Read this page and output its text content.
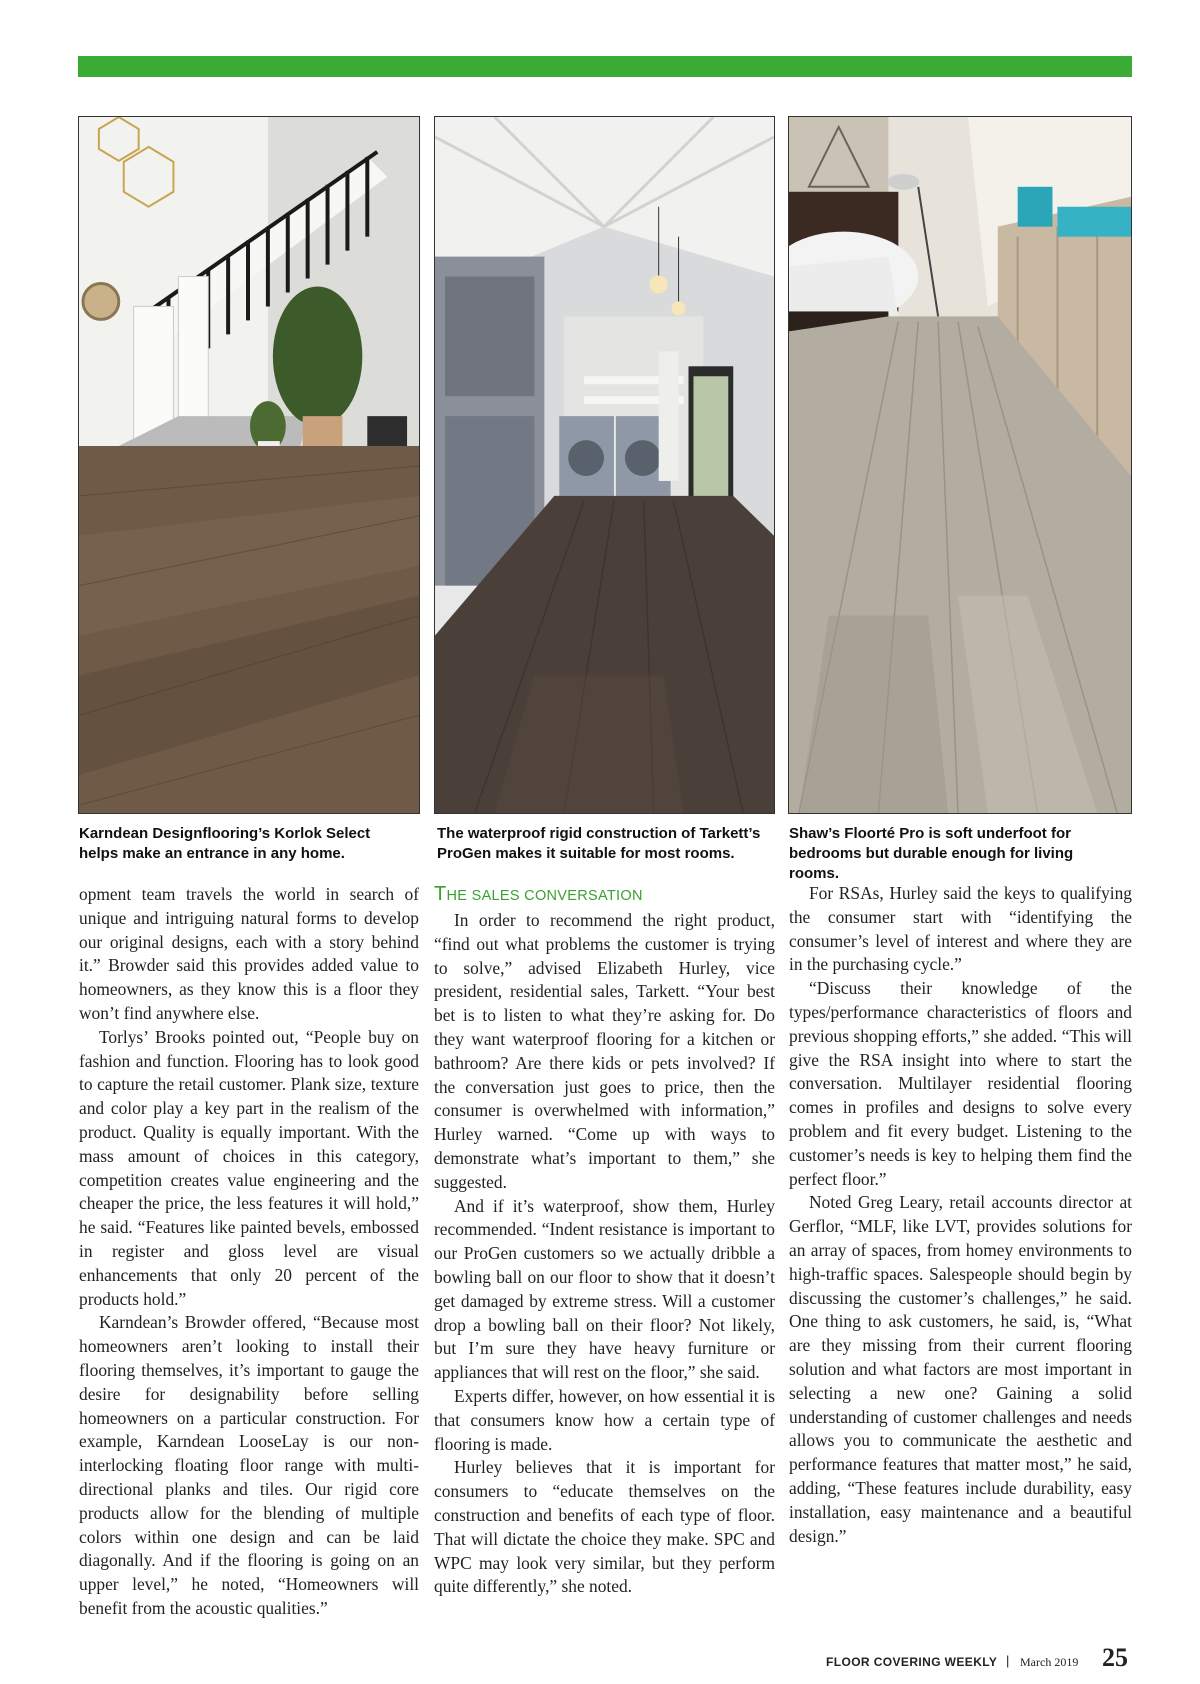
Karndean Designflooring’s Korlok Select helps make an entrance in any home.
The waterproof rigid construction of Tarkett’s ProGen makes it suitable for most rooms.
Shaw’s Floorté Pro is soft underfoot for bedrooms but durable enough for living rooms.

opment team travels the world in search of unique and intriguing natural forms to develop our original designs, each with a story behind it.” Browder said this provides added value to homeowners, as they know this is a floor they won’t find anywhere else.

Torlys’ Brooks pointed out, “People buy on fashion and function. Flooring has to look good to capture the retail customer. Plank size, texture and color play a key part in the realism of the product. Quality is equally important. With the mass amount of choices in this category, competition creates value engineering and the cheaper the price, the less features it will hold,” he said. “Features like painted bevels, embossed in register and gloss level are visual enhancements that only 20 percent of the products hold.”

Karndean’s Browder offered, “Because most homeowners aren’t looking to install their flooring themselves, it’s important to gauge the desire for designability before selling homeowners on a particular construction. For example, Karndean LooseLay is our non-interlocking floating floor range with multi-directional planks and tiles. Our rigid core products allow for the blending of multiple colors within one design and can be laid diagonally. And if the flooring is going on an upper level,” he noted, “Homeowners will benefit from the acoustic qualities.”

THE SALES CONVERSATION

In order to recommend the right product, “find out what problems the customer is trying to solve,” advised Elizabeth Hurley, vice president, residential sales, Tarkett. “Your best bet is to listen to what they’re asking for. Do they want waterproof flooring for a kitchen or bathroom? Are there kids or pets involved? If the conversation just goes to price, then the consumer is overwhelmed with information,” Hurley warned. “Come up with ways to demonstrate what’s important to them,” she suggested.

And if it’s waterproof, show them, Hurley recommended. “Indent resistance is important to our ProGen customers so we actually dribble a bowling ball on our floor to show that it doesn’t get damaged by extreme stress. Will a customer drop a bowling ball on their floor? Not likely, but I’m sure they have heavy furniture or appliances that will rest on the floor,” she said.

Experts differ, however, on how essential it is that consumers know how a certain type of flooring is made.

Hurley believes that it is important for consumers to “educate themselves on the construction and benefits of each type of floor. That will dictate the choice they make. SPC and WPC may look very similar, but they perform quite differently,” she noted.

For RSAs, Hurley said the keys to qualifying the consumer start with “identifying the consumer’s level of interest and where they are in the purchasing cycle.”

“Discuss their knowledge of the types/performance characteristics of floors and previous shopping efforts,” she added. “This will give the RSA insight into where to start the conversation. Multilayer residential flooring comes in profiles and designs to solve every problem and fit every budget. Listening to the customer’s needs is key to helping them find the perfect floor.”

Noted Greg Leary, retail accounts director at Gerflor, “MLF, like LVT, provides solutions for an array of spaces, from homey environments to high-traffic spaces. Salespeople should begin by discussing the customer’s challenges,” he said. One thing to ask customers, he said, is, “What are they missing from their current flooring solution and what factors are most important in selecting a new one? Gaining a solid understanding of customer challenges and needs allows you to communicate the aesthetic and performance features that matter most,” he said, adding, “These features include durability, easy installation, easy maintenance and a beautiful design.”

FLOOR COVERING WEEKLY | March 2019 25
